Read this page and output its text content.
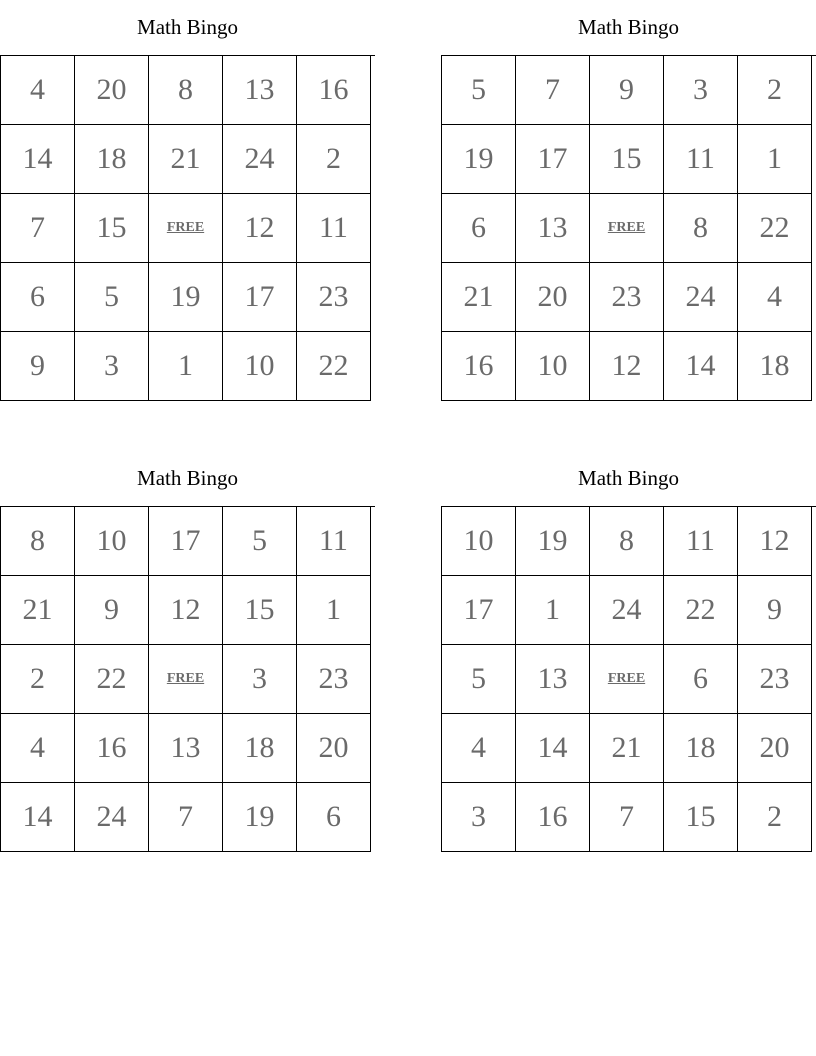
Math Bingo
4	20	8	13	16
14	18	21	24	2
7	15	FREE	12	11
6	5	19	17	23
9	3	1	10	22
Math Bingo
5	7	9	3	2
19	17	15	11	1
6	13	FREE	8	22
21	20	23	24	4
16	10	12	14	18
Math Bingo
8	10	17	5	11
21	9	12	15	1
2	22	FREE	3	23
4	16	13	18	20
14	24	7	19	6
Math Bingo
10	19	8	11	12
17	1	24	22	9
5	13	FREE	6	23
4	14	21	18	20
3	16	7	15	2
